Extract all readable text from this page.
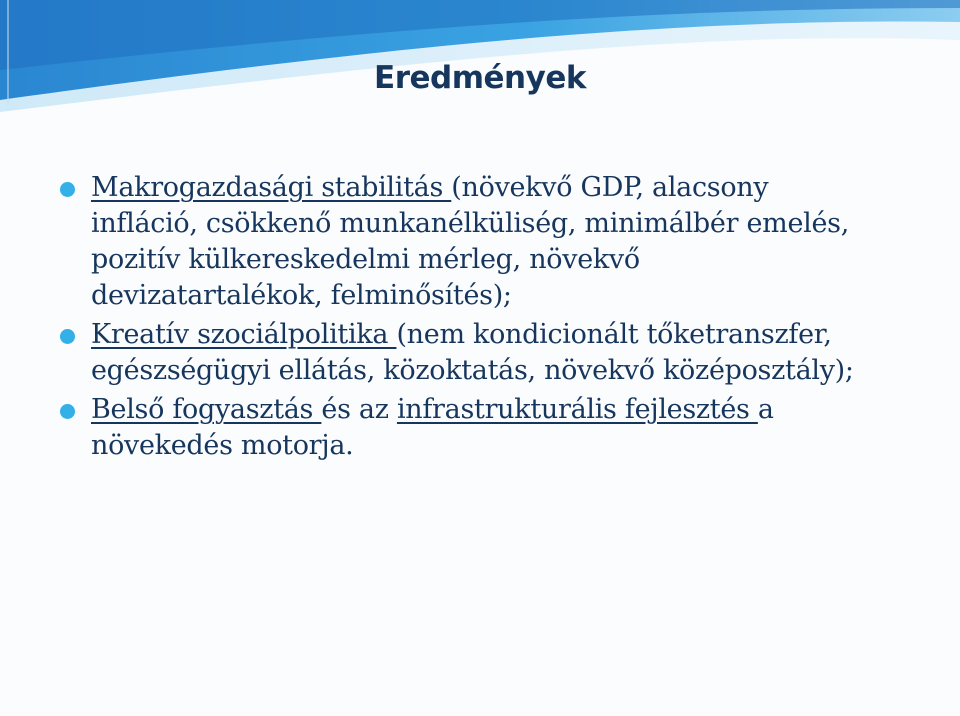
Eredmények
Makrogazdasági stabilitás (növekvő GDP, alacsony infláció, csökkenő munkanélküliség, minimálbér emelés, pozitív külkereskedelmi mérleg, növekvő devizatartalékok, felminősítés);
Kreatív szociálpolitika (nem kondicionált tőketranszfer, egészségügyi ellátás, közoktatás, növekvő középosztály);
Belső fogyasztás és az infrastrukturális fejlesztés a növekedés motorja.
